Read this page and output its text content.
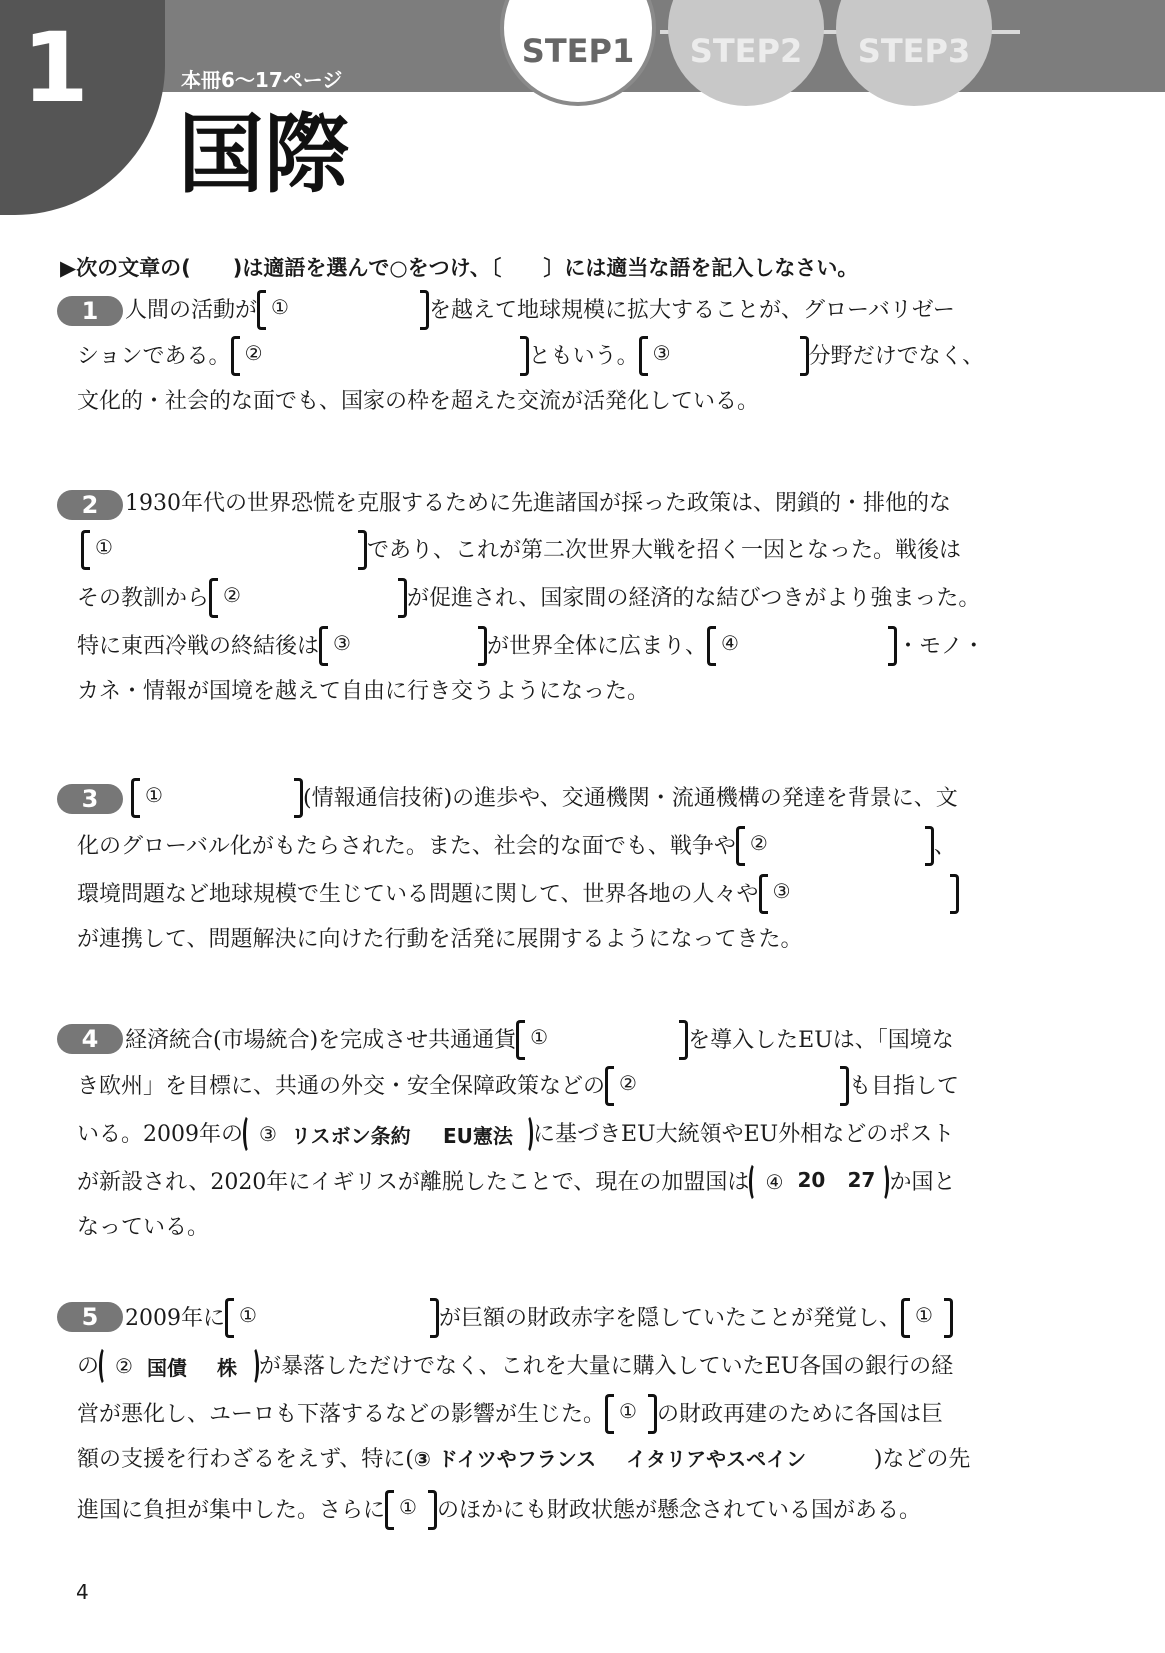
1	本冊6〜17ページ
STEP1	STEP2	STEP3
国際
▶次の文章の(　　)は適語を選んで○をつけ、〔　　〕には適当な語を記入しなさい。
1	人間の活動が ①	を越えて地球規模に拡大することが、グローバリゼー
ションである。 ②	ともいう。 ③	分野だけでなく、
文化的・社会的な面でも、国家の枠を超えた交流が活発化している。
2	1930年代の世界恐慌を克服するために先進諸国が採った政策は、閉鎖的・排他的な
①	であり、これが第二次世界大戦を招く一因となった。戦後は
その教訓から ②	が促進され、国家間の経済的な結びつきがより強まった。
特に東西冷戦の終結後は ③	が世界全体に広まり、 ④	・モノ・
カネ・情報が国境を越えて自由に行き交うようになった。
3	①	(情報通信技術)の進歩や、交通機関・流通機構の発達を背景に、文
化のグローバル化がもたらされた。また、社会的な面でも、戦争や ②	、
環境問題など地球規模で生じている問題に関して、世界各地の人々や ③
が連携して、問題解決に向けた行動を活発に展開するようになってきた。
4	経済統合(市場統合)を完成させ共通通貨 ①	を導入したEUは、「国境な
き欧州」を目標に、共通の外交・安全保障政策などの ②	も目指して
いる。2009年の ③ リスボン条約 EU憲法 に基づきEU大統領やEU外相などのポスト
が新設され、2020年にイギリスが離脱したことで、現在の加盟国は ④ 20 27 か国と
なっている。
5	2009年に ①	が巨額の財政赤字を隠していたことが発覚し、 ①
の ② 国債 株 が暴落しただけでなく、これを大量に購入していたEU各国の銀行の経
営が悪化し、ユーロも下落するなどの影響が生じた。 ① の財政再建のために各国は巨
額の支援を行わざるをえず、特に(③ ドイツやフランス イタリアやスペイン	)などの先
進国に負担が集中した。さらに ① のほかにも財政状態が懸念されている国がある。
4
